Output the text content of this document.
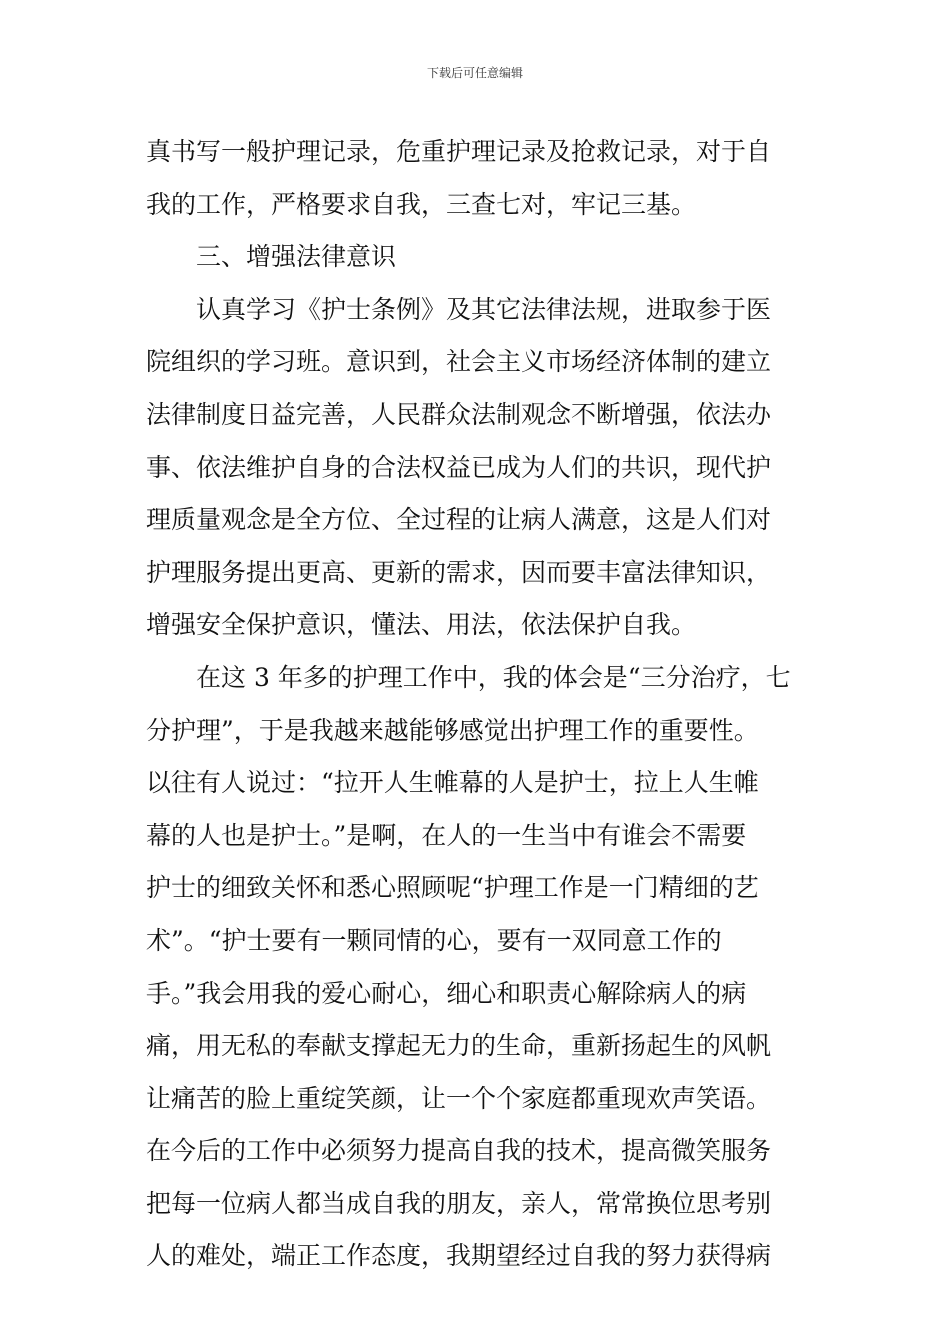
下载后可任意编辑
真书写一般护理记录，危重护理记录及抢救记录，对于自
我的工作，严格要求自我，三查七对，牢记三基。
三、增强法律意识
认真学习《护士条例》及其它法律法规，进取参于医
院组织的学习班。意识到，社会主义市场经济体制的建立
法律制度日益完善，人民群众法制观念不断增强，依法办
事、依法维护自身的合法权益已成为人们的共识，现代护
理质量观念是全方位、全过程的让病人满意，这是人们对
护理服务提出更高、更新的需求，因而要丰富法律知识，
增强安全保护意识，懂法、用法，依法保护自我。
在这 3 年多的护理工作中，我的体会是“三分治疗，七
分护理”，于是我越来越能够感觉出护理工作的重要性。
以往有人说过：“拉开人生帷幕的人是护士，拉上人生帷
幕的人也是护士。”是啊，在人的一生当中有谁会不需要
护士的细致关怀和悉心照顾呢“护理工作是一门精细的艺
术”。“护士要有一颗同情的心，要有一双同意工作的
手。”我会用我的爱心耐心，细心和职责心解除病人的病
痛，用无私的奉献支撑起无力的生命，重新扬起生的风帆
让痛苦的脸上重绽笑颜，让一个个家庭都重现欢声笑语。
在今后的工作中必须努力提高自我的技术，提高微笑服务
把每一位病人都当成自我的朋友，亲人，常常换位思考别
人的难处，端正工作态度，我期望经过自我的努力获得病
